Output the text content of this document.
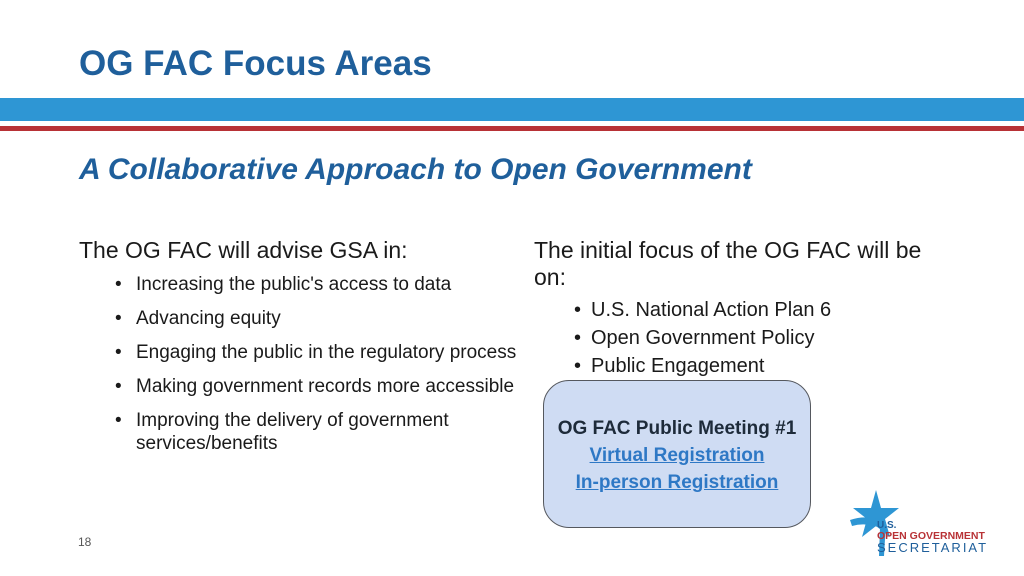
OG FAC Focus Areas
A Collaborative Approach to Open Government
The OG FAC will advise GSA in:
• Increasing the public's access to data
• Advancing equity
• Engaging the public in the regulatory process
• Making government records more accessible
• Improving the delivery of government services/benefits
The initial focus of the OG FAC will be on:
• U.S. National Action Plan 6
• Open Government Policy
• Public Engagement
OG FAC Public Meeting #1
Virtual Registration
In-person Registration
18
U.S.
OPEN GOVERNMENT
SECRETARIAT
